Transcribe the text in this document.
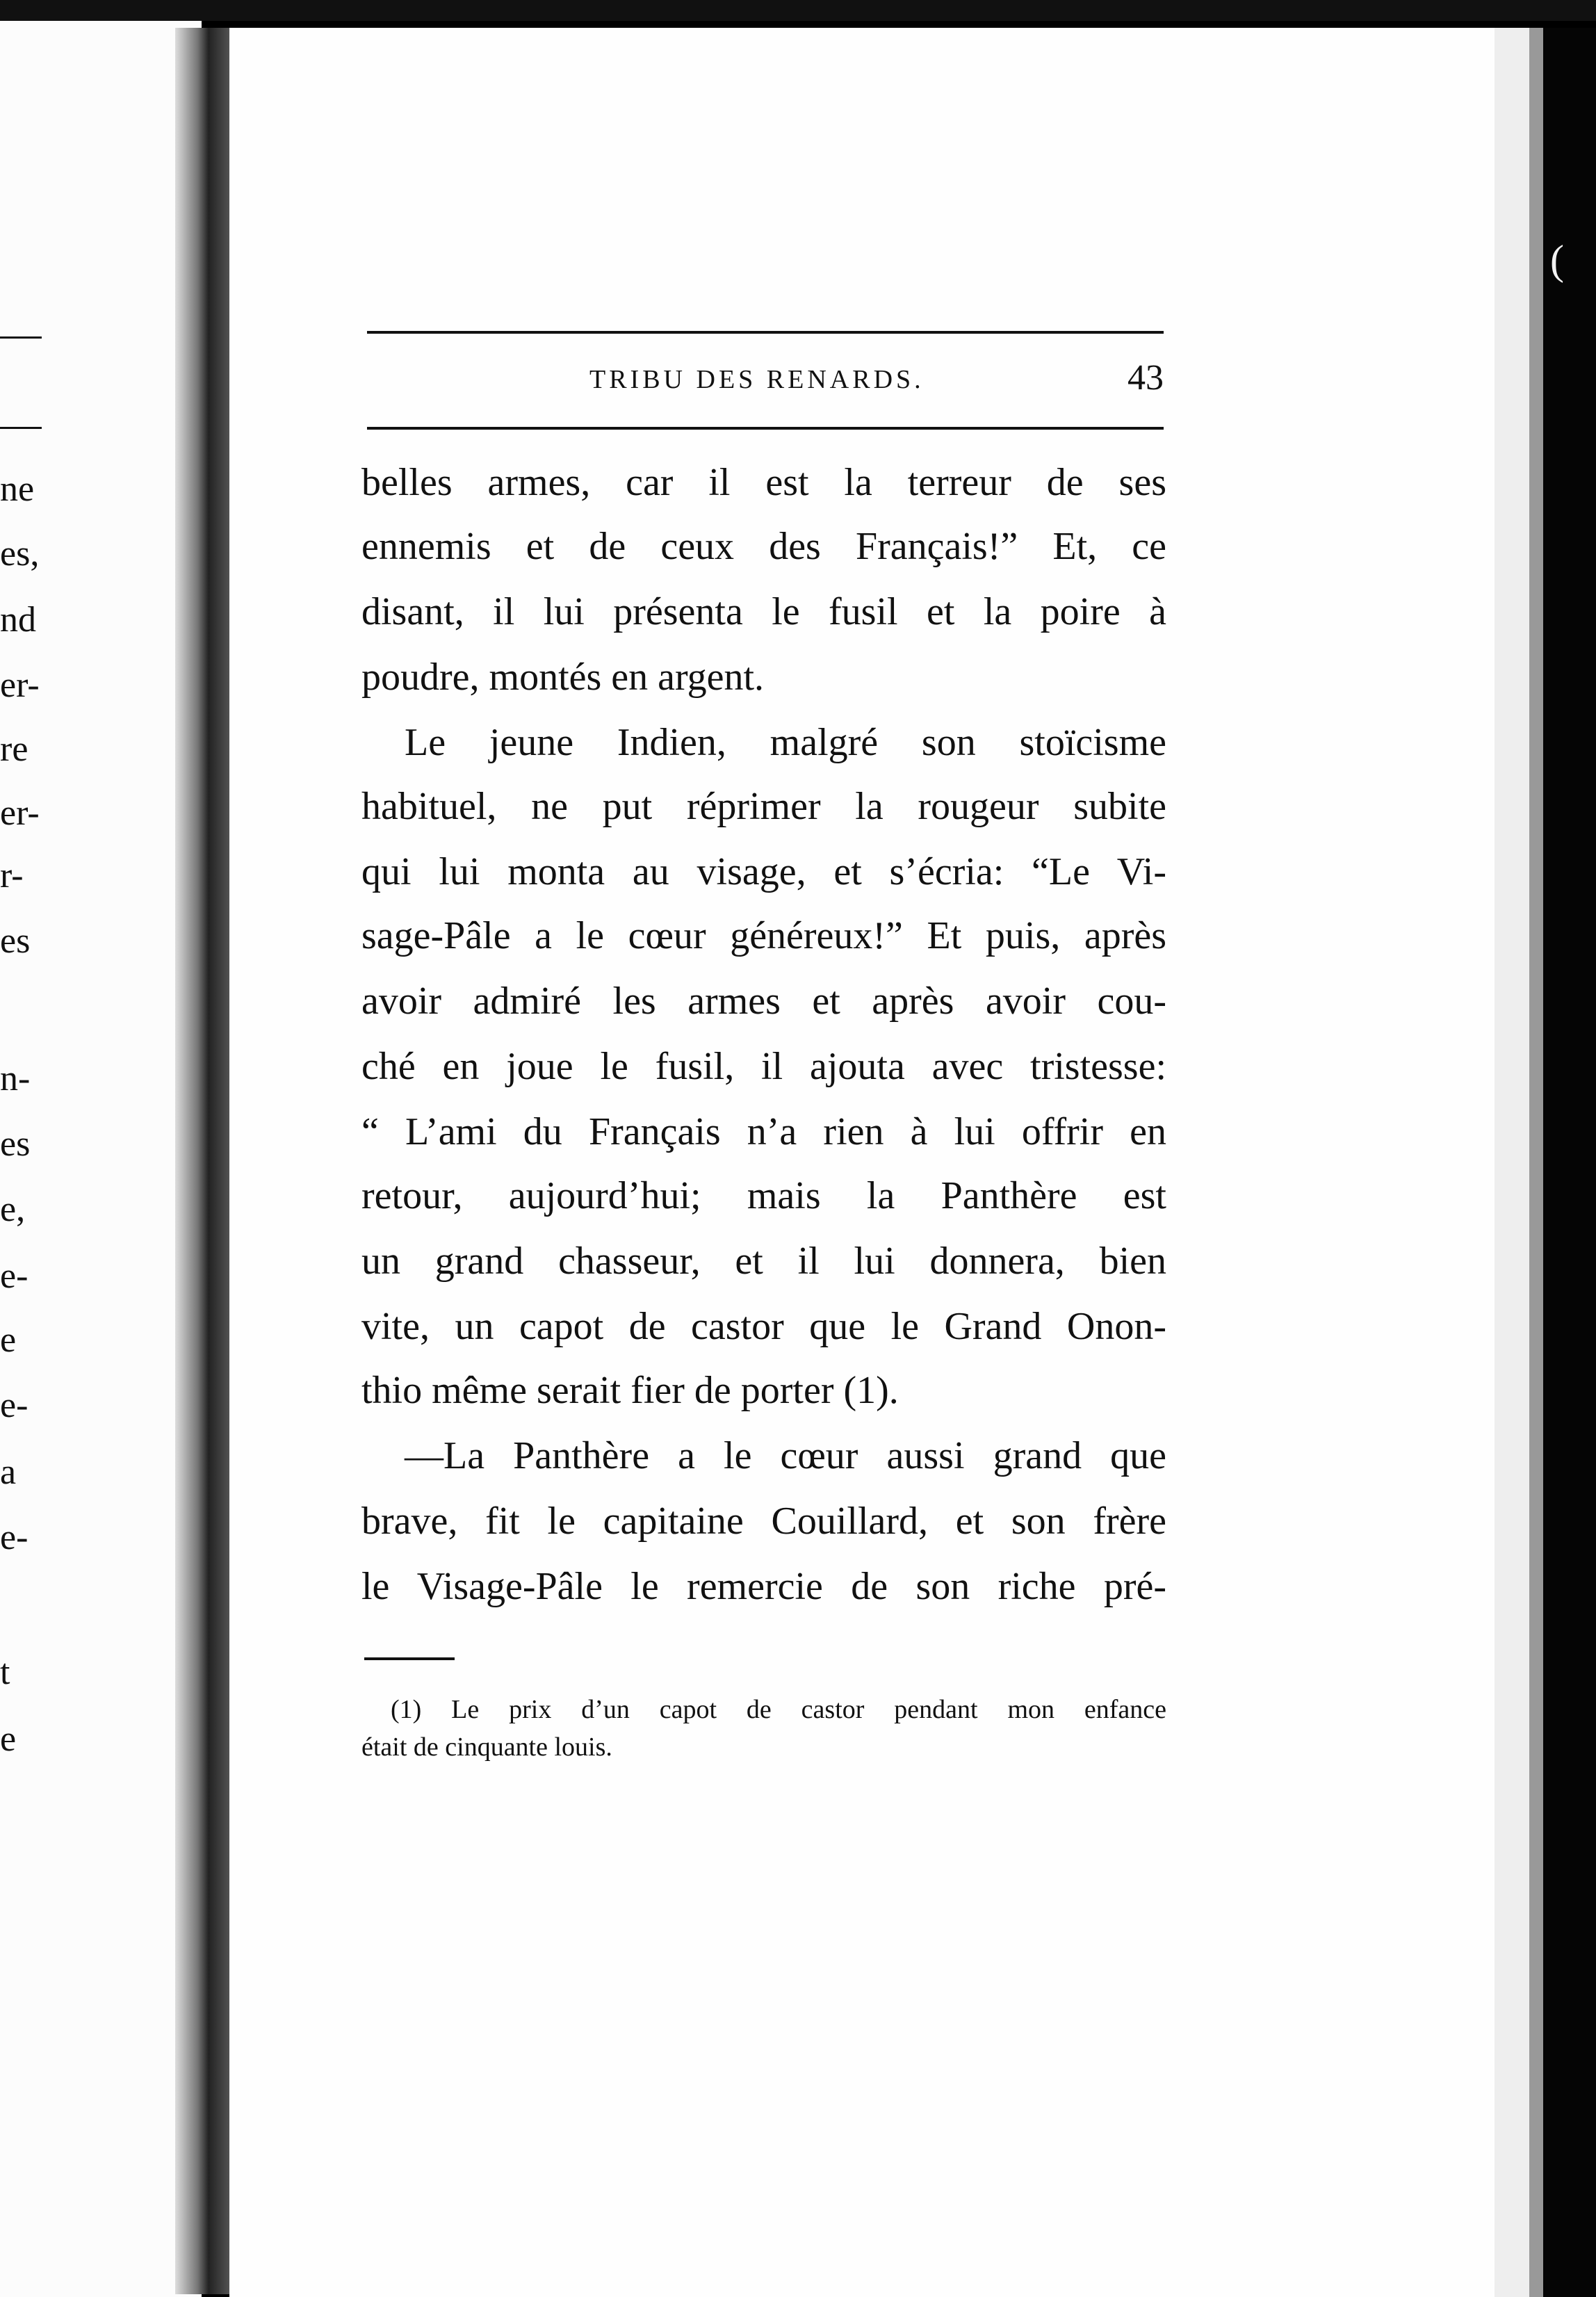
ne
es,
nd
er-
re
er-
r-
es
n-
es
e,
e-
e
e-
a
e-
t
e
(
TRIBU DES RENARDS.	43
belles armes, car il est la terreur de ses
ennemis et de ceux des Français!” Et, ce
disant, il lui présenta le fusil et la poire à
poudre, montés en argent.
Le jeune Indien, malgré son stoïcisme
habituel, ne put réprimer la rougeur subite
qui lui monta au visage, et s’écria: “Le Vi-
sage-Pâle a le cœur généreux!” Et puis, après
avoir admiré les armes et après avoir cou-
ché en joue le fusil, il ajouta avec tristesse:
“ L’ami du Français n’a rien à lui offrir en
retour, aujourd’hui; mais la Panthère est
un grand chasseur, et il lui donnera, bien
vite, un capot de castor que le Grand Onon-
thio même serait fier de porter (1).
—La Panthère a le cœur aussi grand que
brave, fit le capitaine Couillard, et son frère
le Visage-Pâle le remercie de son riche pré-
(1) Le prix d’un capot de castor pendant mon enfance
était de cinquante louis.
